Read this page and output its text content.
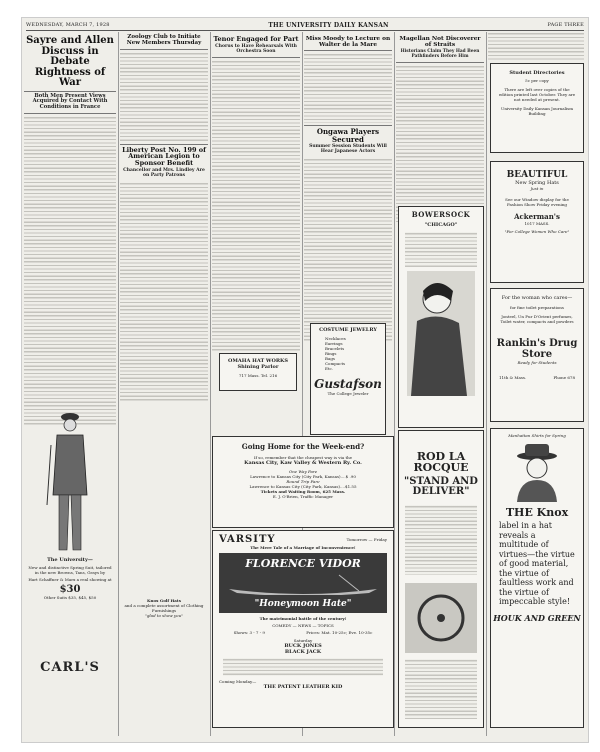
WEDNESDAY, MARCH 7, 1928	THE UNIVERSITY DAILY KANSAN	PAGE THREE
Sayre and Allen Discuss in Debate Rightness of War
Both Men Present Views Acquired by Contact With Conditions in France
The University—
New and distinctive Spring Suit, tailored in the new Browns, Tans, Grays by
Hart Schaffner & Marx a real showing at
$30
Other Suits $35, $45, $50
CARL'S
Zoology Club to Initiate New Members Thursday
Liberty Post No. 199 of American Legion to Sponsor Benefit
Chancellor and Mrs. Lindley Are on Party Patrons
Knox Golf Hats
and a complete assortment of Clothing Furnishings
"glad to show you"
Tenor Engaged for Part
Chorus to Have Rehearsals With Orchestra Soon
OMAHA HAT WORKS Shining Parlor
717 Mass. Tel. 216
Miss Moody to Lecture on Walter de la Mare
Ongawa Players Secured
Summer Session Students Will Hear Japanese Actors
COSTUME JEWELRY
Necklaces
Earrings
Bracelets
Rings
Bags
Compacts
Etc.
Gustafson
The College Jeweler
Magellan Not Discoverer of Straits
Historians Claim They Had Been Pathfinders Before Him
BOWERSOCK
"CHICAGO"
ROD LA ROCQUE
"STAND AND DELIVER"
Student Directories
5c per copy
There are left over copies of the edition printed last October. They are not needed at present.
University Daily Kansan Journalism Building
BEAUTIFUL
New Spring Hats
Just in
See our Window display for the Fashion Show Friday evening
Ackerman's
1017 MASS.
"For College Women Who Care"
For the woman who cares—
for fine toilet preparations
Jonteel, Un Pur D'Orient perfumes, Toilet water, compacts and powders
Rankin's Drug Store
Ready for Students
11th & Mass.	Phone 678
Manhattan Shirts for Spring
THE Knox
label in a hat reveals a multitude of virtues—the virtue of good material, the virtue of faultless work and the virtue of impeccable style!
HOUK AND GREEN
Going Home for the Week-end?
If so, remember that the cheapest way is via the
Kansas City, Kaw Valley & Western Ry. Co.
One Way Fare
Lawrence to Kansas City (City Park, Kansas)....$ .90
Round Trip Fare
Lawrence to Kansas City (City Park, Kansas)....$1.55
Tickets and Waiting Room, 625 Mass.
E. J. O'Brien, Traffic Manager
VARSITY	Tomorrow — Friday
The Mere Tale of a Marriage of Inconvenience!
FLORENCE VIDOR
"Honeymoon Hate"
The matrimonial battle of the century!
COMEDY — NEWS — TOPICS
Shows: 3 - 7 - 9	Prices: Mat. 10-25c; Eve. 10-35c
Saturday
BUCK JONES
BLACK JACK
Coming Monday—
THE PATENT LEATHER KID
